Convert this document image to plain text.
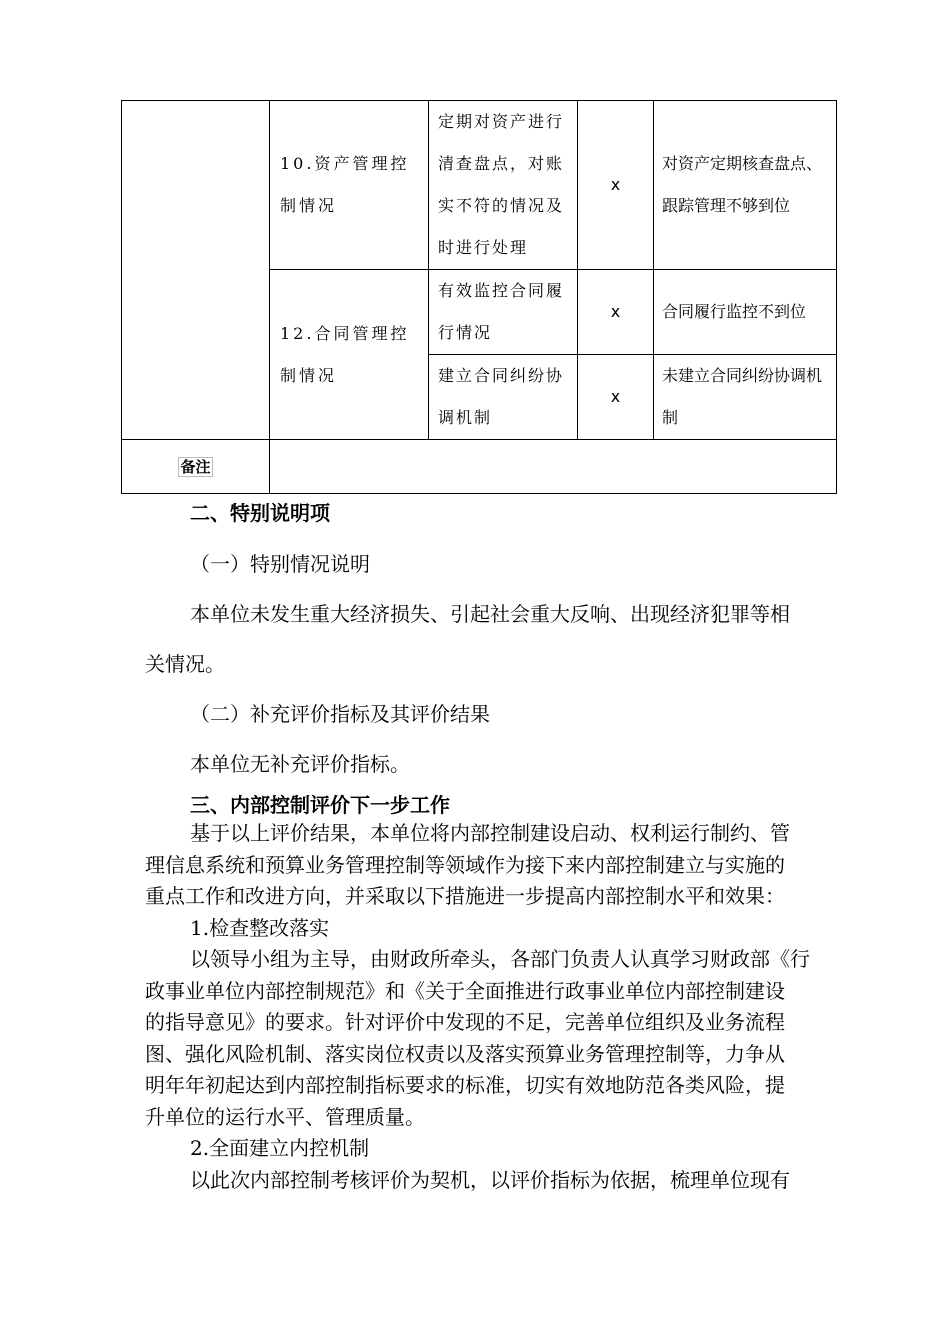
	10.资产管理控制情况	定期对资产进行清查盘点，对账实不符的情况及时进行处理	x	对资产定期核查盘点、跟踪管理不够到位
	12.合同管理控制情况	有效监控合同履行情况	x	合同履行监控不到位
		建立合同纠纷协调机制	x	未建立合同纠纷协调机制
备注				
二、特别说明项
（一）特别情况说明
本单位未发生重大经济损失、引起社会重大反响、出现经济犯罪等相
关情况。
（二）补充评价指标及其评价结果
本单位无补充评价指标。
三、内部控制评价下一步工作
基于以上评价结果，本单位将内部控制建设启动、权利运行制约、管
理信息系统和预算业务管理控制等领域作为接下来内部控制建立与实施的
重点工作和改进方向，并采取以下措施进一步提高内部控制水平和效果：
1.检查整改落实
以领导小组为主导，由财政所牵头，各部门负责人认真学习财政部《行
政事业单位内部控制规范》和《关于全面推进行政事业单位内部控制建设
的指导意见》的要求。针对评价中发现的不足，完善单位组织及业务流程
图、强化风险机制、落实岗位权责以及落实预算业务管理控制等，力争从
明年年初起达到内部控制指标要求的标准，切实有效地防范各类风险，提
升单位的运行水平、管理质量。
2.全面建立内控机制
以此次内部控制考核评价为契机，以评价指标为依据，梳理单位现有
